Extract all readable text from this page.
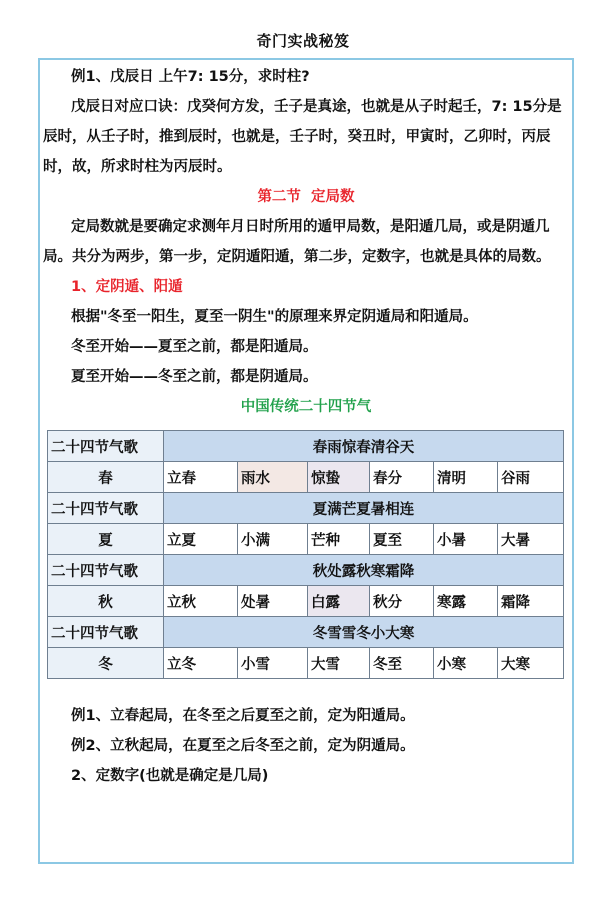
奇门实战秘笈

例1、戊辰日 上午7: 15分，求时柱?

戊辰日对应口诀：戊癸何方发，壬子是真途，也就是从子时起壬，7: 15分是辰时，从壬子时，推到辰时，也就是，壬子时，癸丑时，甲寅时，乙卯时，丙辰时，故，所求时柱为丙辰时。

第二节  定局数

定局数就是要确定求测年月日时所用的遁甲局数，是阳遁几局，或是阴遁几局。共分为两步，第一步，定阴遁阳遁，第二步，定数字，也就是具体的局数。

1、定阴遁、阳遁

根据"冬至一阳生，夏至一阴生"的原理来界定阴遁局和阳遁局。

冬至开始——夏至之前，都是阳遁局。

夏至开始——冬至之前，都是阴遁局。

中国传统二十四节气

二十四节气歌	春雨惊春清谷天					
春	立春	雨水	惊蛰	春分	清明	谷雨
二十四节气歌	夏满芒夏暑相连					
夏	立夏	小满	芒种	夏至	小暑	大暑
二十四节气歌	秋处露秋寒霜降					
秋	立秋	处暑	白露	秋分	寒露	霜降
二十四节气歌	冬雪雪冬小大寒					
冬	立冬	小雪	大雪	冬至	小寒	大寒

例1、立春起局，在冬至之后夏至之前，定为阳遁局。

例2、立秋起局，在夏至之后冬至之前，定为阴遁局。

2、定数字(也就是确定是几局)
